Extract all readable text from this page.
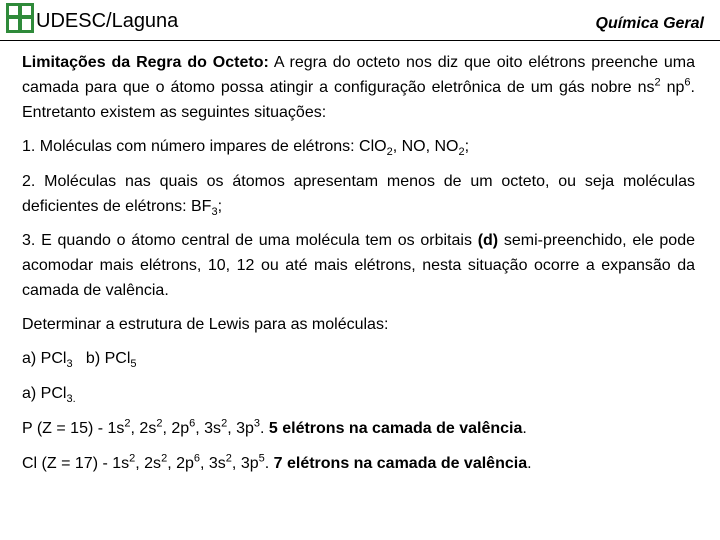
UDESC/Laguna	Química Geral

Limitações da Regra do Octeto: A regra do octeto nos diz que oito elétrons preenche uma camada para que o átomo possa atingir a configuração eletrônica de um gás nobre $ns^2$ $np^6$. Entretanto existem as seguintes situações:

1. Moléculas com número impares de elétrons: ClO$_2$, NO, $NO_2$;

2. Moléculas nas quais os átomos apresentam menos de um octeto, ou seja moléculas deficientes de elétrons: $BF_3$;

3. E quando o átomo central de uma molécula tem os orbitais (d) semi-preenchido, ele pode acomodar mais elétrons, 10, 12 ou até mais elétrons, nesta situação ocorre a expansão da camada de valência.

Determinar a estrutura de Lewis para as moléculas:

a) PCl$_3$ b) PCl$_5$

a) PCl$_{3.}$

P $(Z = 15) - 1s^2$, $2s^2$, $2p^6$, $3s^2$, $3p^3$. 5 elétrons na camada de valência.

Cl $(Z = 17) - 1s^2$, $2s^2$, $2p^6$, $3s^2$, $3p^5$. 7 elétrons na camada de valência.
